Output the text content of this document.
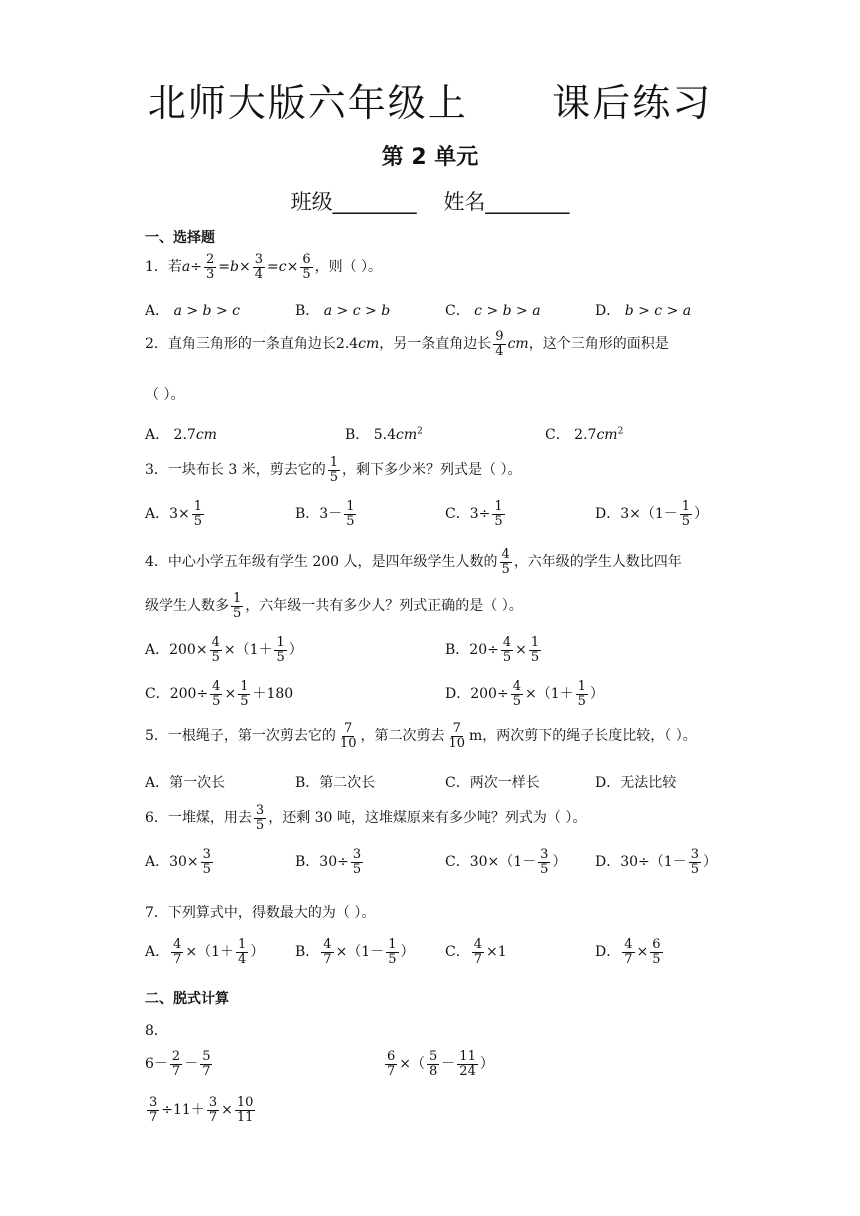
北师大版六年级上      课后练习
第 2 单元
班级________    姓名________
一、选择题
1．若$a\div \frac{2}{3} =b\times \frac{3}{4} =c\times \frac{6}{5}$ ，则（ ）。
A． a > b > c	B． a > c > b	C． c > b > a	D． b > c > a
2．直角三角形的一条直角边长2.4cm，另一条直角边长 $\frac{9}{4}$ cm，这个三角形的面积是
（ ）。
A． 2.7cm	B． $5.4cm^2$	C． $2.7cm^2$
3．一块布长 3 米，剪去它的 $\frac{1}{5}$ ，剩下多少米？列式是（ ）。
A．$3\times \frac{1}{5}$	B．$3- \frac{1}{5}$	C．$3\div \frac{1}{5}$	D．$3\times(1- \frac{1}{5}$ ）
4．中心小学五年级有学生 200 人，是四年级学生人数的 $\frac{4}{5}$ ，六年级的学生人数比四年
级学生人数多 $\frac{1}{5}$ ，六年级一共有多少人？列式正确的是（ ）。
A．$200\times \frac{4}{5} \times(1+ \frac{1}{5}$ ）	B．$20\div \frac{4}{5} \times \frac{1}{5}$
C．$200\div \frac{4}{5} \times \frac{1}{5} +180$	D．$200\div \frac{4}{5} \times(1+ \frac{1}{5}$ ）
5．一根绳子，第一次剪去它的 $\frac{7}{10}$ ，第二次剪去 $\frac{7}{10}$ m，两次剪下的绳子长度比较，（ ）。
A．第一次长	B．第二次长	C．两次一样长	D．无法比较
6．一堆煤，用去 $\frac{3}{5}$ ，还剩 30 吨，这堆煤原来有多少吨？列式为（ ）。
A．$30\times \frac{3}{5}$	B．$30\div \frac{3}{5}$	C．$30\times(1- \frac{3}{5}$ ） D．$30\div(1- \frac{3}{5}$ ）
7．下列算式中，得数最大的为（ ）。
A． $\frac{4}{7} \times(1+ \frac{1}{4}$ ） B． $\frac{4}{7} \times(1- \frac{1}{5}$ ） C． $\frac{4}{7} \times 1$	D． $\frac{4}{7} \times \frac{6}{5}$
二、脱式计算
8．
$6- \frac{2}{7} - \frac{5}{7}$	$\frac{6}{7}$ ×（ $\frac{5}{8} - \frac{11}{24}$ ）
$\frac{3}{7} \div 11+ \frac{3}{7} \times \frac{10}{11}$
